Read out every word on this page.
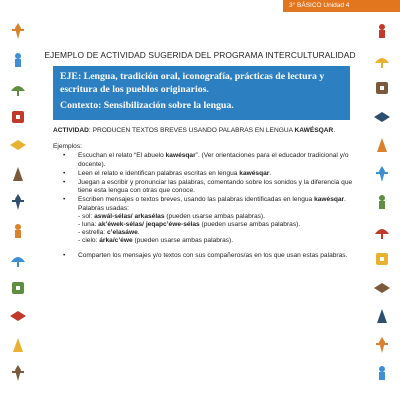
3° BÁSICO Unidad 4
EJEMPLO DE ACTIVIDAD SUGERIDA DEL PROGRAMA INTERCULTURALIDAD
EJE: Lengua, tradición oral, iconografía, prácticas de lectura y escritura de los pueblos originarios.
Contexto: Sensibilización sobre la lengua.

ACTIVIDAD: PRODUCEN TEXTOS BREVES USANDO PALABRAS EN LENGUA KAWÉSQAR.

Ejemplos:
• Escuchan el relato “El abuelo kawésqar”. (Ver orientaciones para el educador tradicional y/o docente).
• Leen el relato e identifican palabras escritas en lengua kawésqar.
• Juegan a escribir y pronunciar las palabras, comentando sobre los sonidos y la diferencia que tiene esta lengua con otras que conoce.
• Escriben mensajes o textos breves, usando las palabras identificadas en lengua kawésqar.
Palabras usadas:
- sol: aswál-sélas/ arkasélas (pueden usarse ambas palabras).
- luna: ak’éwek-sélas/ jeqapc’éwe-sélas (pueden usarse ambas palabras).
- estrella: c’elasáwe.
- cielo: árka/c’éwe (pueden usarse ambas palabras).
• Comparten los mensajes y/o textos con sus compañeros/as en los que usan estas palabras.
